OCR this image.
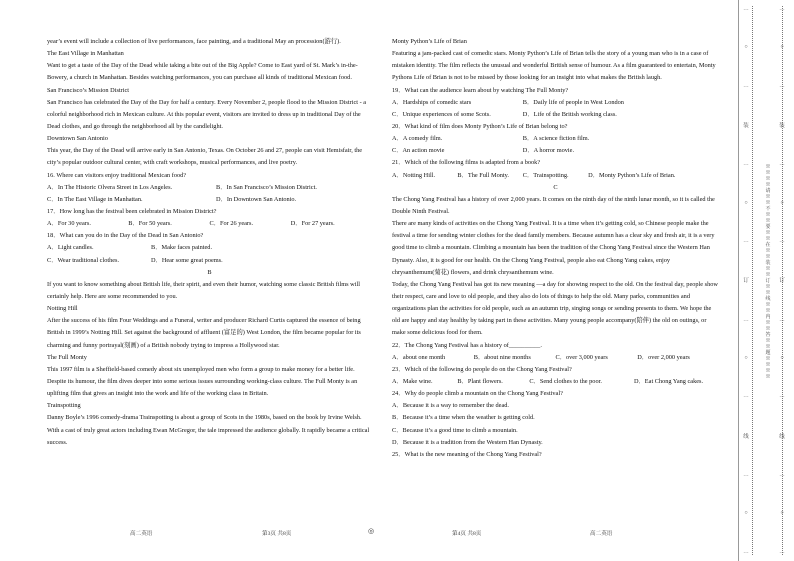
year’s event will include a collection of live performances, face painting, and a traditional May an procession(游行).

The East Village in Manhattan

Want to get a taste of the Day of the Dead while taking a bite out of the Big Apple? Come to East yard of St. Mark’s in-the-Bowery, a church in Manhattan. Besides watching performances, you can purchase all kinds of traditional Mexican food.

San Francisco’s Mission District

San Francisco has celebrated the Day of the Day for half a century. Every November 2, people flood to the Mission District - a colorful neighborhood rich in Mexican culture. At this popular event, visitors are invited to dress up in traditional Day of the Dead clothes, and go through the neighborhood all by the candlelight.

Downtown San Antonio

This year, the Day of the Dead will arrive early in San Antonio, Texas. On October 26 and 27, people can visit Hemisfair, the city’s popular outdoor cultural center, with craft workshops, musical performances, and live poetry.

16. Where can visitors enjoy traditional Mexican food?

A．In The Historic Olvera Street in Los Angeles.	B．In San Francisco’s Mission District.
C．In The East Village in Manhattan.	D．In Downtown San Antonio.

17．How long has the festival been celebrated in Mission District?

A．For 30 years.	B．For 50 years.	C．For 26 years.	D．For 27 years.

18．What can you do in the Day of the Dead in San Antonio?

A．Light candles.	B．Make faces painted.
C．Wear traditional clothes.	D．Hear some great poems.

B

If you want to know something about British life, their spirit, and even their humor, watching some classic British films will certainly help. Here are some recommended to you.

Notting Hill

After the success of his film Four Weddings and a Funeral, writer and producer Richard Curtis captured the essence of being British in 1999’s Notting Hill. Set against the background of affluent (富足的) West London, the film became popular for its charming and funny portrayal(刻画) of a British nobody trying to impress a Hollywood star.

The Full Monty

This 1997 film is a Sheffield-based comedy about six unemployed men who form a group to make money for a better life. Despite its humour, the film dives deeper into some serious issues surrounding working-class culture. The Full Monty is an uplifting film that gives an insight into the work and life of the working class in Britain.

Trainspotting

Danny Boyle’s 1996 comedy-drama Trainspotting is about a group of Scots in the 1980s, based on the book by Irvine Welsh. With a cast of truly great actors including Ewan McGregor, the tale impressed the audience globally. It rapidly became a critical success.

Monty Python’s Life of Brian

Featuring a jam-packed cast of comedic stars. Monty Python’s Life of Brian tells the story of a young man who is in a case of mistaken identity. The film reflects the unusual and wonderful British sense of humour. As a film guaranteed to entertain, Monty Pythons Life of Brian is not to be missed by those looking for an insight into what makes the British laugh.

19．What can the audience learn about by watching The Full Monty?

A．Hardships of comedic stars	B．Daily life of people in West London
C．Unique experiences of some Scots.	D．Life of the British working class.

20．What kind of film does Monty Python’s Life of Brian belong to?

A．A comedy film.	B．A science fiction film.
C．An action movie	D．A horror movie.

21．Which of the following films is adapted from a book?

A．Notting Hill.	B．The Full Monty.	C．Trainspotting.	D．Monty Python’s Life of Brian.

C

The Chong Yang Festival has a history of over 2,000 years. It comes on the ninth day of the ninth lunar month, so it is called the Double Ninth Festival.

There are many kinds of activities on the Chong Yang Festival. It is a time when it’s getting cold, so Chinese people make the festival a time for sending winter clothes for the dead family members. Because autumn has a clear sky and fresh air, it is a very good time to climb a mountain. Climbing a mountain has been the tradition of the Chong Yang Festival since the Western Han Dynasty. Also, it is good for our health. On the Chong Yang Festival, people also eat Chong Yang cakes, enjoy chrysanthemum(菊花) flowers, and drink chrysanthemum wine.

Today, the Chong Yang Festival has got its new meaning —a day for showing respect to the old. On the festival day, people show their respect, care and love to old people, and they also do lots of things to help the old. Many parks, communities and organizations plan the activities for old people, such as an autumn trip, singing songs or sending presents to them. We hope the old are happy and stay healthy by taking part in these activities. Many young people accompany(陪伴) the old on outings, or make some delicious food for them.

22．The Chong Yang Festival has a history of__________.

A．about one month	B．about nine months	C．over 3,000 years	D．over 2,000 years

23．Which of the following do people do on the Chong Yang Festival?

A．Make wine.	B．Plant flowers.	C．Send clothes to the poor.	D．Eat Chong Yang cakes.

24．Why do people climb a mountain on the Chong Yang Festival?

A．Because it is a way to remember the dead.

B．Because it’s a time when the weather is getting cold.

C．Because it’s a good time to climb a mountain.

D．Because it is a tradition from the Western Han Dynasty.

25．What is the new meaning of the Chong Yang Festival?

高二英语	第3页 共8页	◎	第4页 共8页	高二英语
…
○
…
装
…
○
…
订
…
○
…
线
…
○
…
…
○
…
装
…
○
…
订
…
○
…
线
…
○
…
※※※※请※※不※※要※※在※※装※※订※※线※※内※※答※※题※※※※
